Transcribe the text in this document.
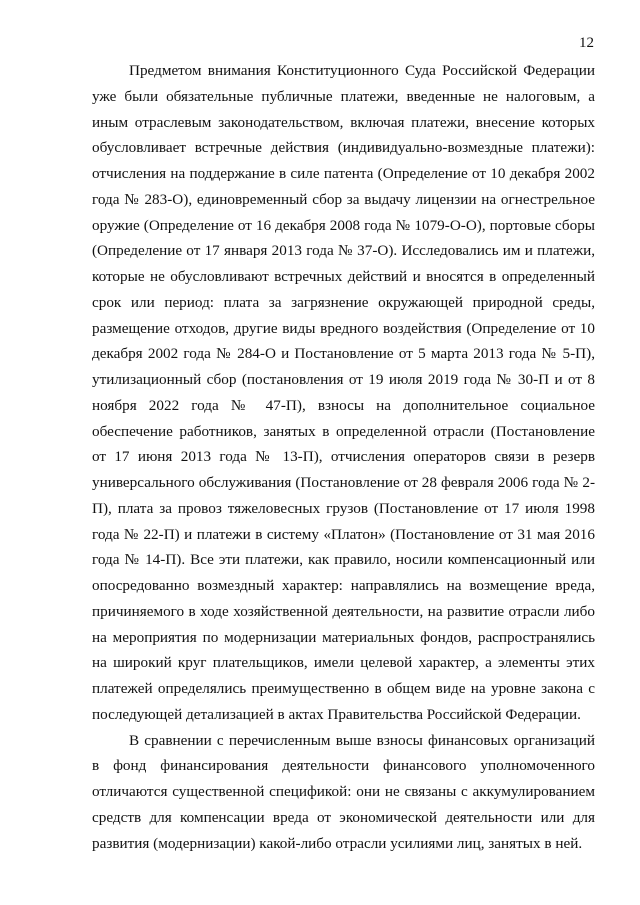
12

Предметом внимания Конституционного Суда Российской Федерации уже были обязательные публичные платежи, введенные не налоговым, а иным отраслевым законодательством, включая платежи, внесение которых обусловливает встречные действия (индивидуально-возмездные платежи): отчисления на поддержание в силе патента (Определение от 10 декабря 2002 года № 283-О), единовременный сбор за выдачу лицензии на огнестрельное оружие (Определение от 16 декабря 2008 года № 1079-О-О), портовые сборы (Определение от 17 января 2013 года № 37-О). Исследовались им и платежи, которые не обусловливают встречных действий и вносятся в определенный срок или период: плата за загрязнение окружающей природной среды, размещение отходов, другие виды вредного воздействия (Определение от 10 декабря 2002 года № 284-О и Постановление от 5 марта 2013 года № 5-П), утилизационный сбор (постановления от 19 июля 2019 года № 30-П и от 8 ноября 2022 года № 47-П), взносы на дополнительное социальное обеспечение работников, занятых в определенной отрасли (Постановление от 17 июня 2013 года № 13-П), отчисления операторов связи в резерв универсального обслуживания (Постановление от 28 февраля 2006 года № 2-П), плата за провоз тяжеловесных грузов (Постановление от 17 июля 1998 года № 22-П) и платежи в систему «Платон» (Постановление от 31 мая 2016 года № 14-П). Все эти платежи, как правило, носили компенсационный или опосредованно возмездный характер: направлялись на возмещение вреда, причиняемого в ходе хозяйственной деятельности, на развитие отрасли либо на мероприятия по модернизации материальных фондов, распространялись на широкий круг плательщиков, имели целевой характер, а элементы этих платежей определялись преимущественно в общем виде на уровне закона с последующей детализацией в актах Правительства Российской Федерации.

В сравнении с перечисленным выше взносы финансовых организаций в фонд финансирования деятельности финансового уполномоченного отличаются существенной спецификой: они не связаны с аккумулированием средств для компенсации вреда от экономической деятельности или для развития (модернизации) какой-либо отрасли усилиями лиц, занятых в ней.
